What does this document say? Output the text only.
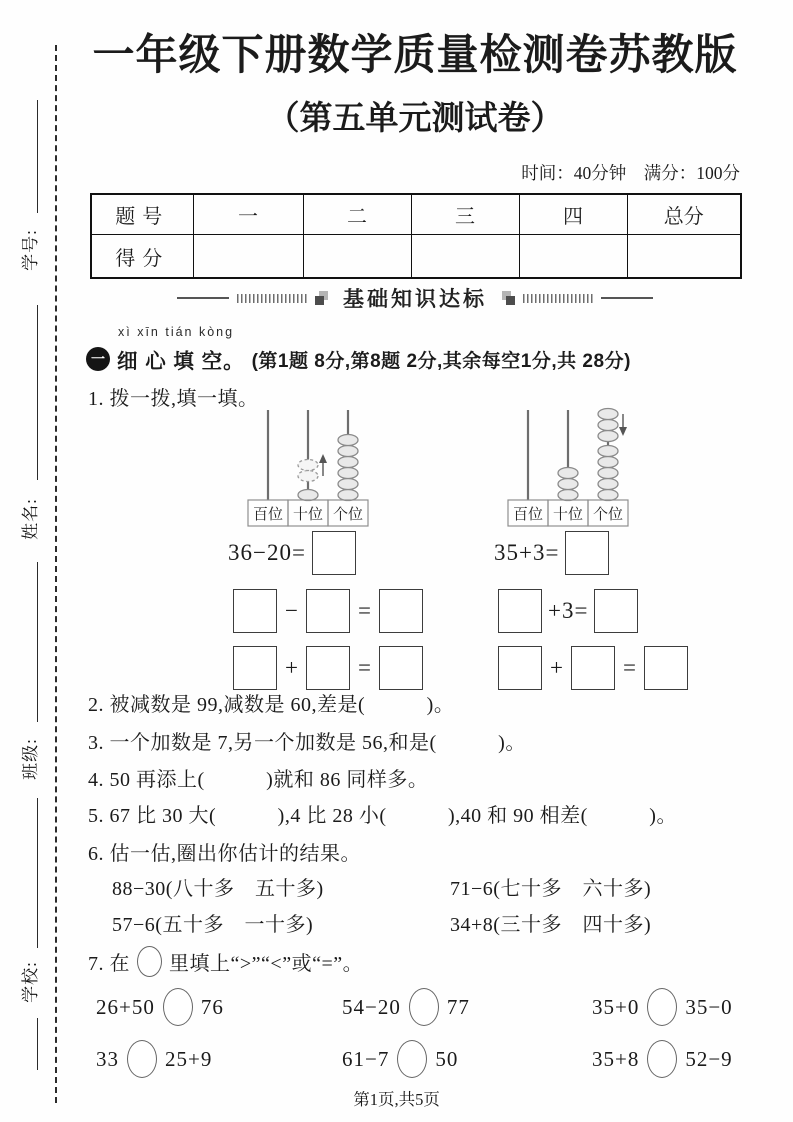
学号:
姓名:
班级:
学校:
一年级下册数学质量检测卷苏教版
（第五单元测试卷）
时间：40分钟　满分：100分
题号	一	二	三	四	总分
得分					
基础知识达标
xì xīn tián kòng
一 细 心 填 空。 (第1题 8分,第8题 2分,其余每空1分,共 28分)
1. 拨一拨,填一填。
百位 十位 个位	百位 十位 个位
36−20=	35+3=
−	=	+3=
+	=	+	=
2. 被减数是 99,减数是 60,差是(　　　)。
3. 一个加数是 7,另一个加数是 56,和是(　　　)。
4. 50 再添上(　　　)就和 86 同样多。
5. 67 比 30 大(　　　),4 比 28 小(　　　),40 和 90 相差(　　　)。
6. 估一估,圈出你估计的结果。
88−30(八十多　五十多)	71−6(七十多　六十多)
57−6(五十多　一十多)	34+8(三十多　四十多)
7. 在 里填上“>”“<”或“=”。
26+50 76	54−20 77	35+0 35−0
33 25+9	61−7 50	35+8 52−9
第1页,共5页
